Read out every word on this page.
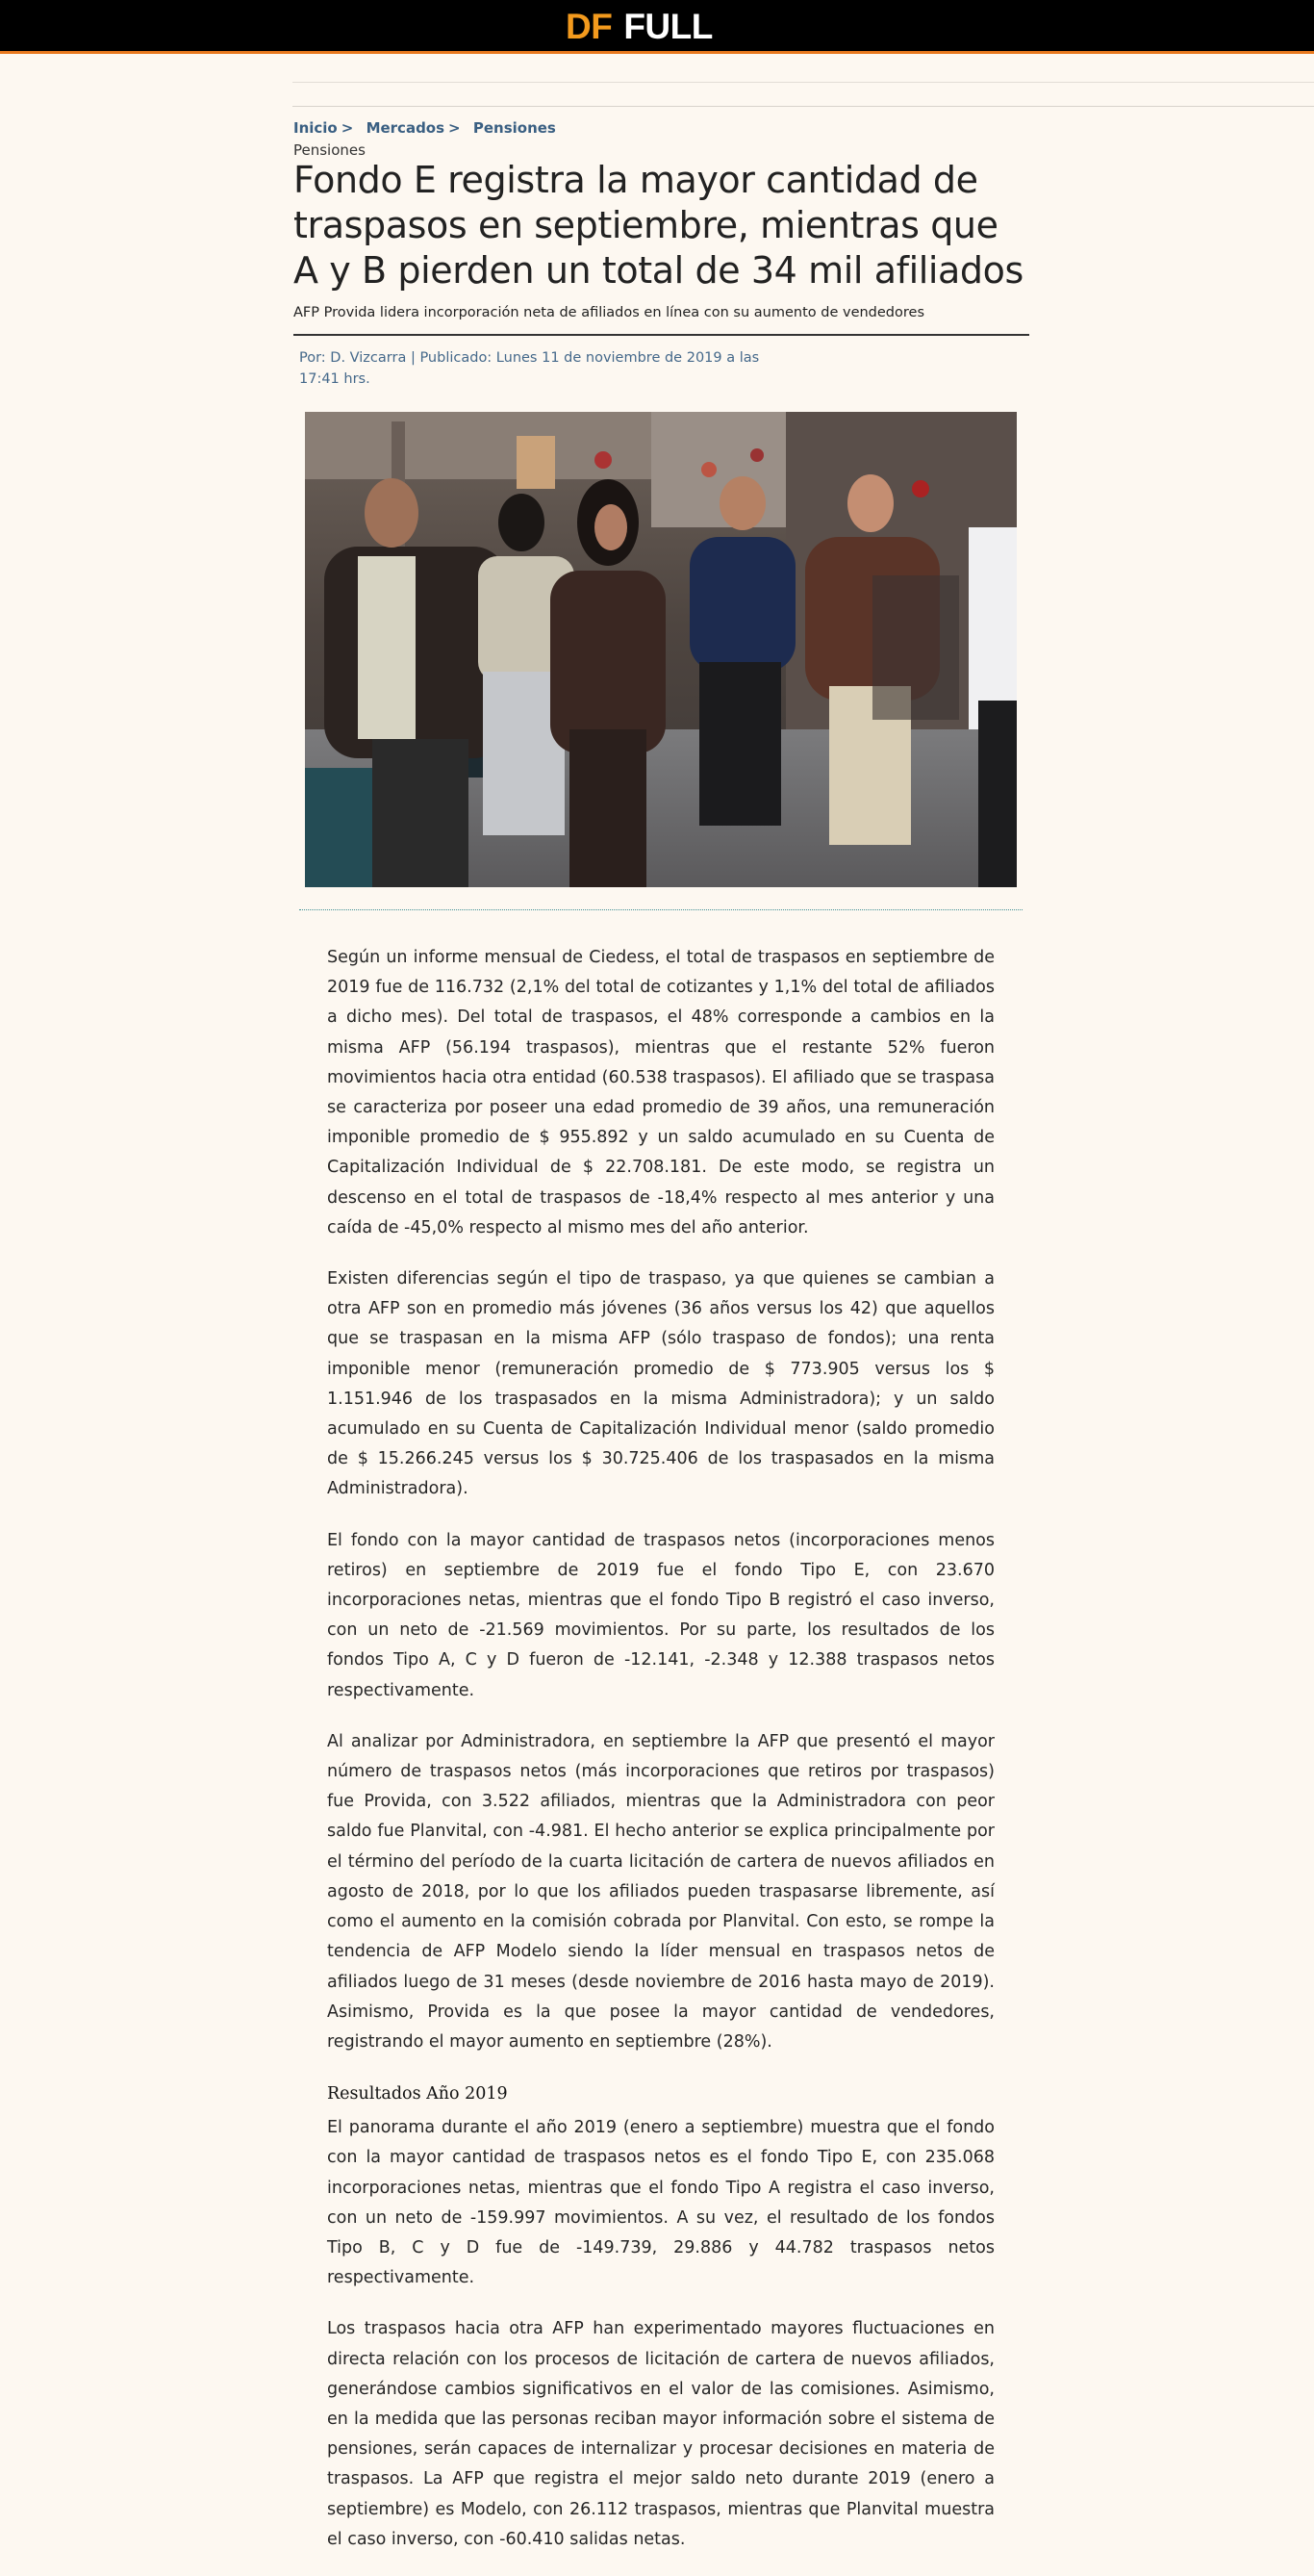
DF FULL
Inicio > Mercados > Pensiones
Pensiones
Fondo E registra la mayor cantidad de traspasos en septiembre, mientras que A y B pierden un total de 34 mil afiliados
AFP Provida lidera incorporación neta de afiliados en línea con su aumento de vendedores
Por: D. Vizcarra | Publicado: Lunes 11 de noviembre de 2019 a las 17:41 hrs.

Según un informe mensual de Ciedess, el total de traspasos en septiembre de 2019 fue de 116.732 (2,1% del total de cotizantes y 1,1% del total de afiliados a dicho mes). Del total de traspasos, el 48% corresponde a cambios en la misma AFP (56.194 traspasos), mientras que el restante 52% fueron movimientos hacia otra entidad (60.538 traspasos). El afiliado que se traspasa se caracteriza por poseer una edad promedio de 39 años, una remuneración imponible promedio de $ 955.892 y un saldo acumulado en su Cuenta de Capitalización Individual de $ 22.708.181. De este modo, se registra un descenso en el total de traspasos de -18,4% respecto al mes anterior y una caída de -45,0% respecto al mismo mes del año anterior.

Existen diferencias según el tipo de traspaso, ya que quienes se cambian a otra AFP son en promedio más jóvenes (36 años versus los 42) que aquellos que se traspasan en la misma AFP (sólo traspaso de fondos); una renta imponible menor (remuneración promedio de $ 773.905 versus los $ 1.151.946 de los traspasados en la misma Administradora); y un saldo acumulado en su Cuenta de Capitalización Individual menor (saldo promedio de $ 15.266.245 versus los $ 30.725.406 de los traspasados en la misma Administradora).

El fondo con la mayor cantidad de traspasos netos (incorporaciones menos retiros) en septiembre de 2019 fue el fondo Tipo E, con 23.670 incorporaciones netas, mientras que el fondo Tipo B registró el caso inverso, con un neto de -21.569 movimientos. Por su parte, los resultados de los fondos Tipo A, C y D fueron de -12.141, -2.348 y 12.388 traspasos netos respectivamente.

Al analizar por Administradora, en septiembre la AFP que presentó el mayor número de traspasos netos (más incorporaciones que retiros por traspasos) fue Provida, con 3.522 afiliados, mientras que la Administradora con peor saldo fue Planvital, con -4.981. El hecho anterior se explica principalmente por el término del período de la cuarta licitación de cartera de nuevos afiliados en agosto de 2018, por lo que los afiliados pueden traspasarse libremente, así como el aumento en la comisión cobrada por Planvital. Con esto, se rompe la tendencia de AFP Modelo siendo la líder mensual en traspasos netos de afiliados luego de 31 meses (desde noviembre de 2016 hasta mayo de 2019). Asimismo, Provida es la que posee la mayor cantidad de vendedores, registrando el mayor aumento en septiembre (28%).

Resultados Año 2019

El panorama durante el año 2019 (enero a septiembre) muestra que el fondo con la mayor cantidad de traspasos netos es el fondo Tipo E, con 235.068 incorporaciones netas, mientras que el fondo Tipo A registra el caso inverso, con un neto de -159.997 movimientos. A su vez, el resultado de los fondos Tipo B, C y D fue de -149.739, 29.886 y 44.782 traspasos netos respectivamente.

Los traspasos hacia otra AFP han experimentado mayores fluctuaciones en directa relación con los procesos de licitación de cartera de nuevos afiliados, generándose cambios significativos en el valor de las comisiones. Asimismo, en la medida que las personas reciban mayor información sobre el sistema de pensiones, serán capaces de internalizar y procesar decisiones en materia de traspasos. La AFP que registra el mejor saldo neto durante 2019 (enero a septiembre) es Modelo, con 26.112 traspasos, mientras que Planvital muestra el caso inverso, con -60.410 salidas netas.
